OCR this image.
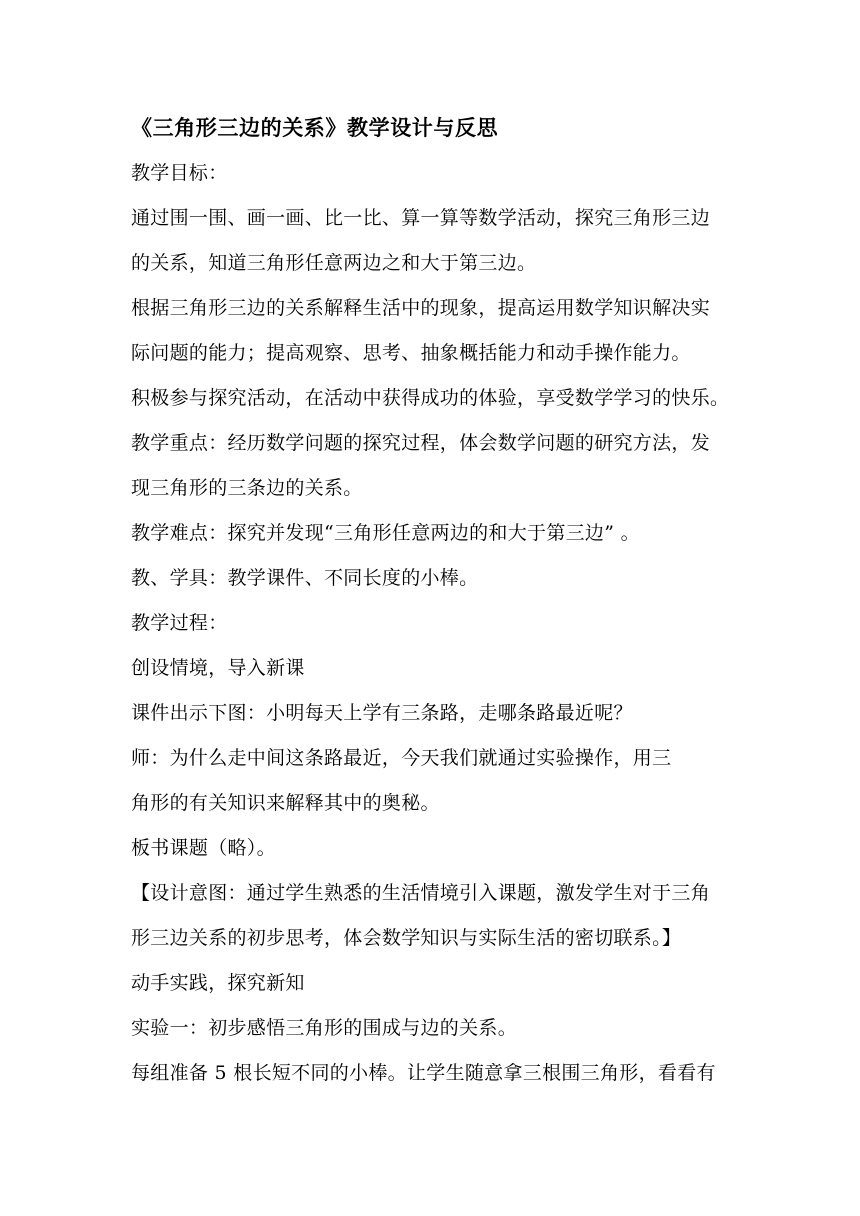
《三角形三边的关系》教学设计与反思
教学目标：
通过围一围、画一画、比一比、算一算等数学活动，探究三角形三边
的关系，知道三角形任意两边之和大于第三边。
根据三角形三边的关系解释生活中的现象，提高运用数学知识解决实
际问题的能力；提高观察、思考、抽象概括能力和动手操作能力。
积极参与探究活动，在活动中获得成功的体验，享受数学学习的快乐。
教学重点：经历数学问题的探究过程，体会数学问题的研究方法，发
现三角形的三条边的关系。
教学难点：探究并发现“三角形任意两边的和大于第三边” 。
教、学具：教学课件、不同长度的小棒。
教学过程：
创设情境，导入新课
课件出示下图：小明每天上学有三条路，走哪条路最近呢？
师：为什么走中间这条路最近，今天我们就通过实验操作，用三
角形的有关知识来解释其中的奥秘。
板书课题（略）。
【设计意图：通过学生熟悉的生活情境引入课题，激发学生对于三角
形三边关系的初步思考，体会数学知识与实际生活的密切联系。】
动手实践，探究新知
实验一：初步感悟三角形的围成与边的关系。
每组准备 5 根长短不同的小棒。让学生随意拿三根围三角形，看看有
